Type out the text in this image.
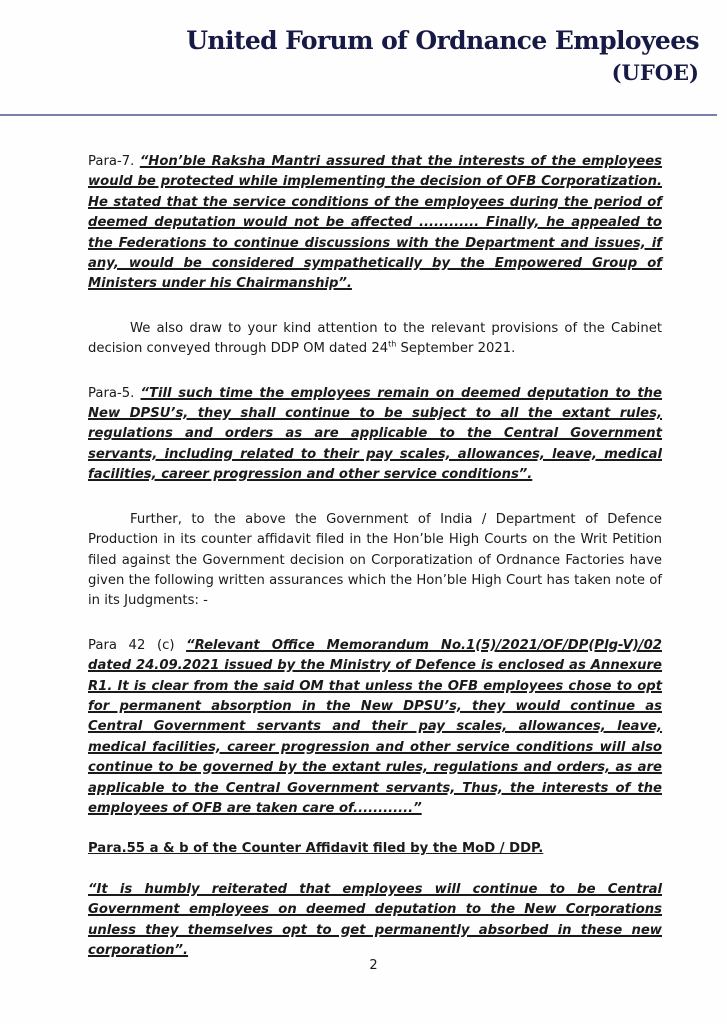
United Forum of Ordnance Employees
(UFOE)

Para-7. “Hon’ble Raksha Mantri assured that the interests of the employees would be protected while implementing the decision of OFB Corporatization. He stated that the service conditions of the employees during the period of deemed deputation would not be affected ............ Finally, he appealed to the Federations to continue discussions with the Department and issues, if any, would be considered sympathetically by the Empowered Group of Ministers under his Chairmanship”.

We also draw to your kind attention to the relevant provisions of the Cabinet decision conveyed through DDP OM dated 24th September 2021.

Para-5. “Till such time the employees remain on deemed deputation to the New DPSU’s, they shall continue to be subject to all the extant rules, regulations and orders as are applicable to the Central Government servants, including related to their pay scales, allowances, leave, medical facilities, career progression and other service conditions”.

Further, to the above the Government of India / Department of Defence Production in its counter affidavit filed in the Hon’ble High Courts on the Writ Petition filed against the Government decision on Corporatization of Ordnance Factories have given the following written assurances which the Hon’ble High Court has taken note of in its Judgments: -

Para 42 (c) “Relevant Office Memorandum No.1(5)/2021/OF/DP(Plg-V)/02 dated 24.09.2021 issued by the Ministry of Defence is enclosed as Annexure R1. It is clear from the said OM that unless the OFB employees chose to opt for permanent absorption in the New DPSU’s, they would continue as Central Government servants and their pay scales, allowances, leave, medical facilities, career progression and other service conditions will also continue to be governed by the extant rules, regulations and orders, as are applicable to the Central Government servants, Thus, the interests of the employees of OFB are taken care of............”

Para.55 a & b of the Counter Affidavit filed by the MoD / DDP.

“It is humbly reiterated that employees will continue to be Central Government employees on deemed deputation to the New Corporations unless they themselves opt to get permanently absorbed in these new corporation”.

2
